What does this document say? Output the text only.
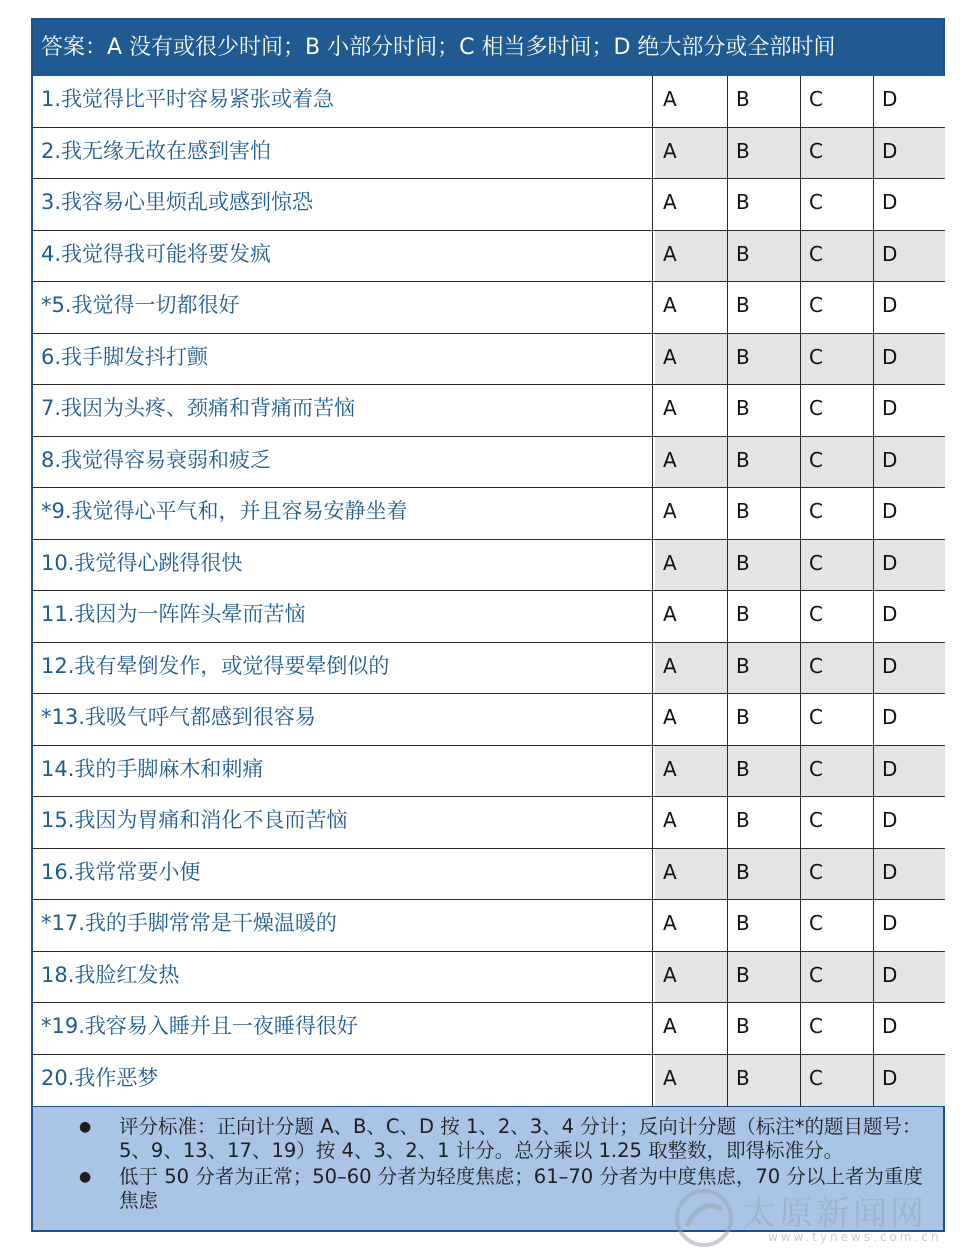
答案：A 没有或很少时间；B 小部分时间；C 相当多时间；D 绝大部分或全部时间
1.我觉得比平时容易紧张或着急	A	B	C	D
2.我无缘无故在感到害怕	A	B	C	D
3.我容易心里烦乱或感到惊恐	A	B	C	D
4.我觉得我可能将要发疯	A	B	C	D
*5.我觉得一切都很好	A	B	C	D
6.我手脚发抖打颤	A	B	C	D
7.我因为头疼、颈痛和背痛而苦恼	A	B	C	D
8.我觉得容易衰弱和疲乏	A	B	C	D
*9.我觉得心平气和，并且容易安静坐着	A	B	C	D
10.我觉得心跳得很快	A	B	C	D
11.我因为一阵阵头晕而苦恼	A	B	C	D
12.我有晕倒发作，或觉得要晕倒似的	A	B	C	D
*13.我吸气呼气都感到很容易	A	B	C	D
14.我的手脚麻木和刺痛	A	B	C	D
15.我因为胃痛和消化不良而苦恼	A	B	C	D
16.我常常要小便	A	B	C	D
*17.我的手脚常常是干燥温暖的	A	B	C	D
18.我脸红发热	A	B	C	D
*19.我容易入睡并且一夜睡得很好	A	B	C	D
20.我作恶梦	A	B	C	D
● 评分标准：正向计分题 A、B、C、D 按 1、2、3、4 分计；反向计分题（标注*的题目题号：5、9、13、17、19）按 4、3、2、1 计分。总分乘以 1.25 取整数，即得标准分。
● 低于 50 分者为正常；50–60 分者为轻度焦虑；61–70 分者为中度焦虑，70 分以上者为重度焦虑	太原新闻网
www.tynews.com.cn
